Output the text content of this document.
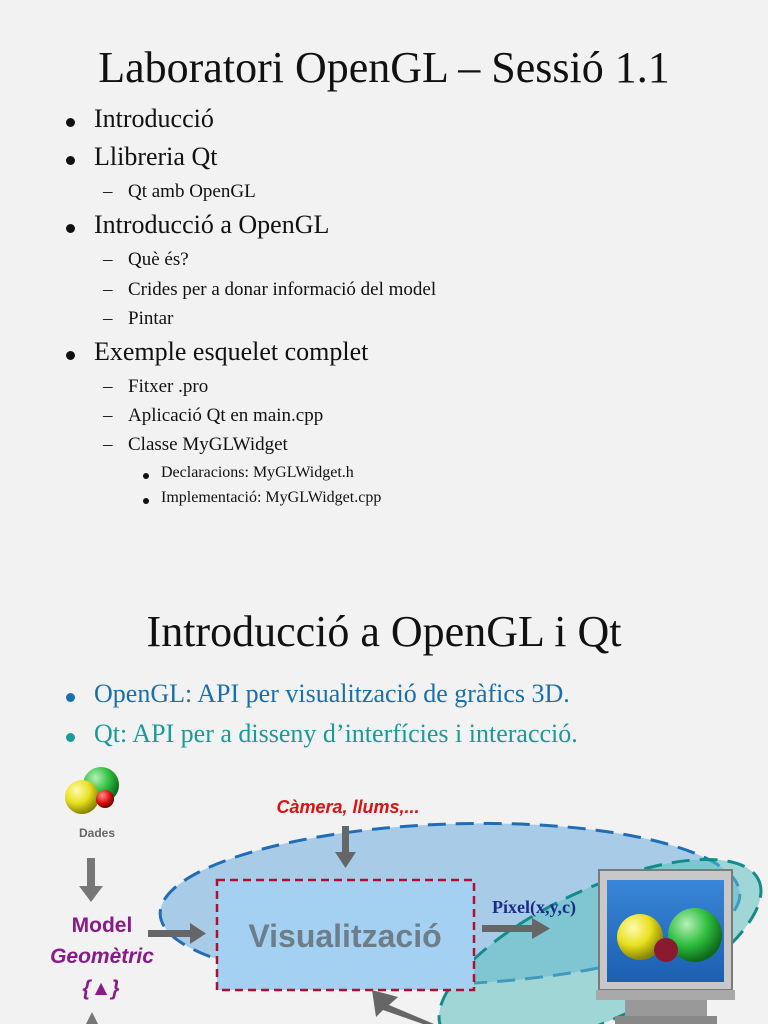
Laboratori OpenGL – Sessió 1.1
Introducció
Llibreria Qt
– Qt amb OpenGL
Introducció a OpenGL
– Què és?
– Crides per a donar informació del model
– Pintar
Exemple esquelet complet
– Fitxer .pro
– Aplicació Qt en main.cpp
– Classe MyGLWidget
Declaracions: MyGLWidget.h
Implementació: MyGLWidget.cpp
Introducció a OpenGL i Qt
OpenGL: API per visualització de gràfics 3D.
Qt: API per a disseny d’interfícies i interacció.
Dades
Càmera, llums,...
Visualització
Model
Geomètric
{▲}
Píxel(x,y,c)
